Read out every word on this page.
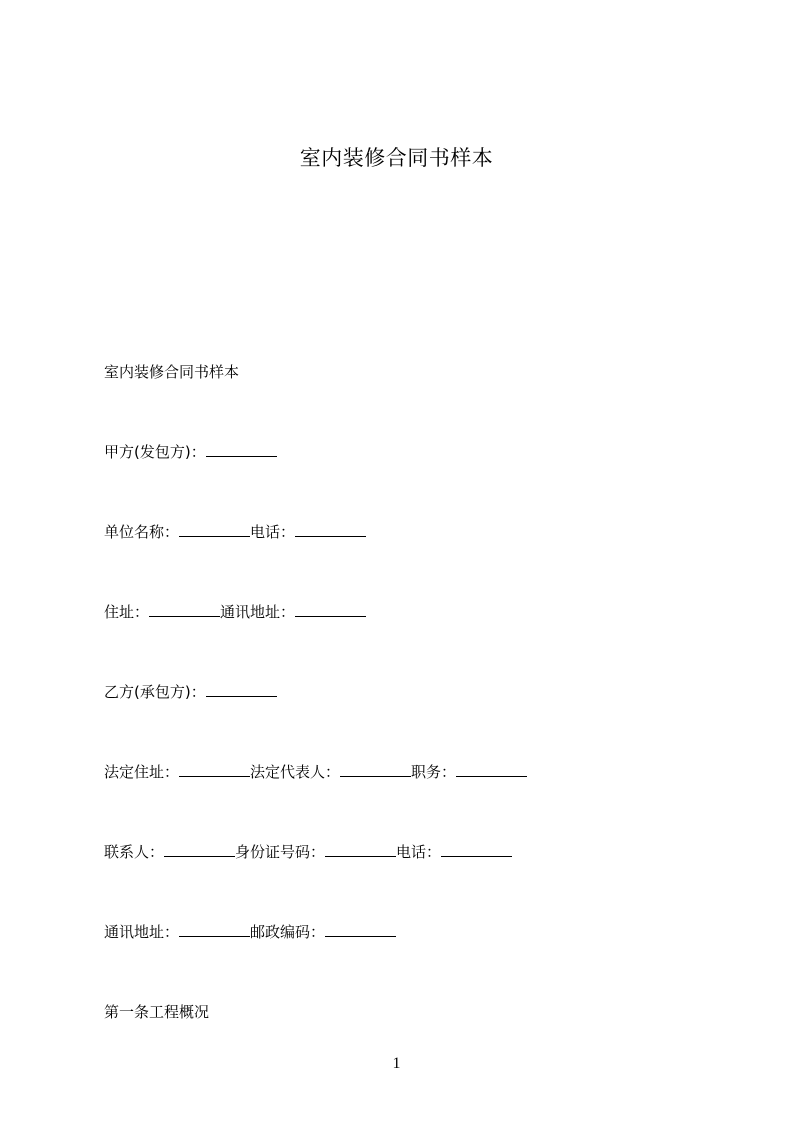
室内装修合同书样本

室内装修合同书样本

甲方(发包方)：

单位名称：	电话：

住址：	通讯地址：

乙方(承包方)：

法定住址：	法定代表人：	职务：

联系人：	身份证号码：	电话：

通讯地址：	邮政编码：

第一条工程概况

1
